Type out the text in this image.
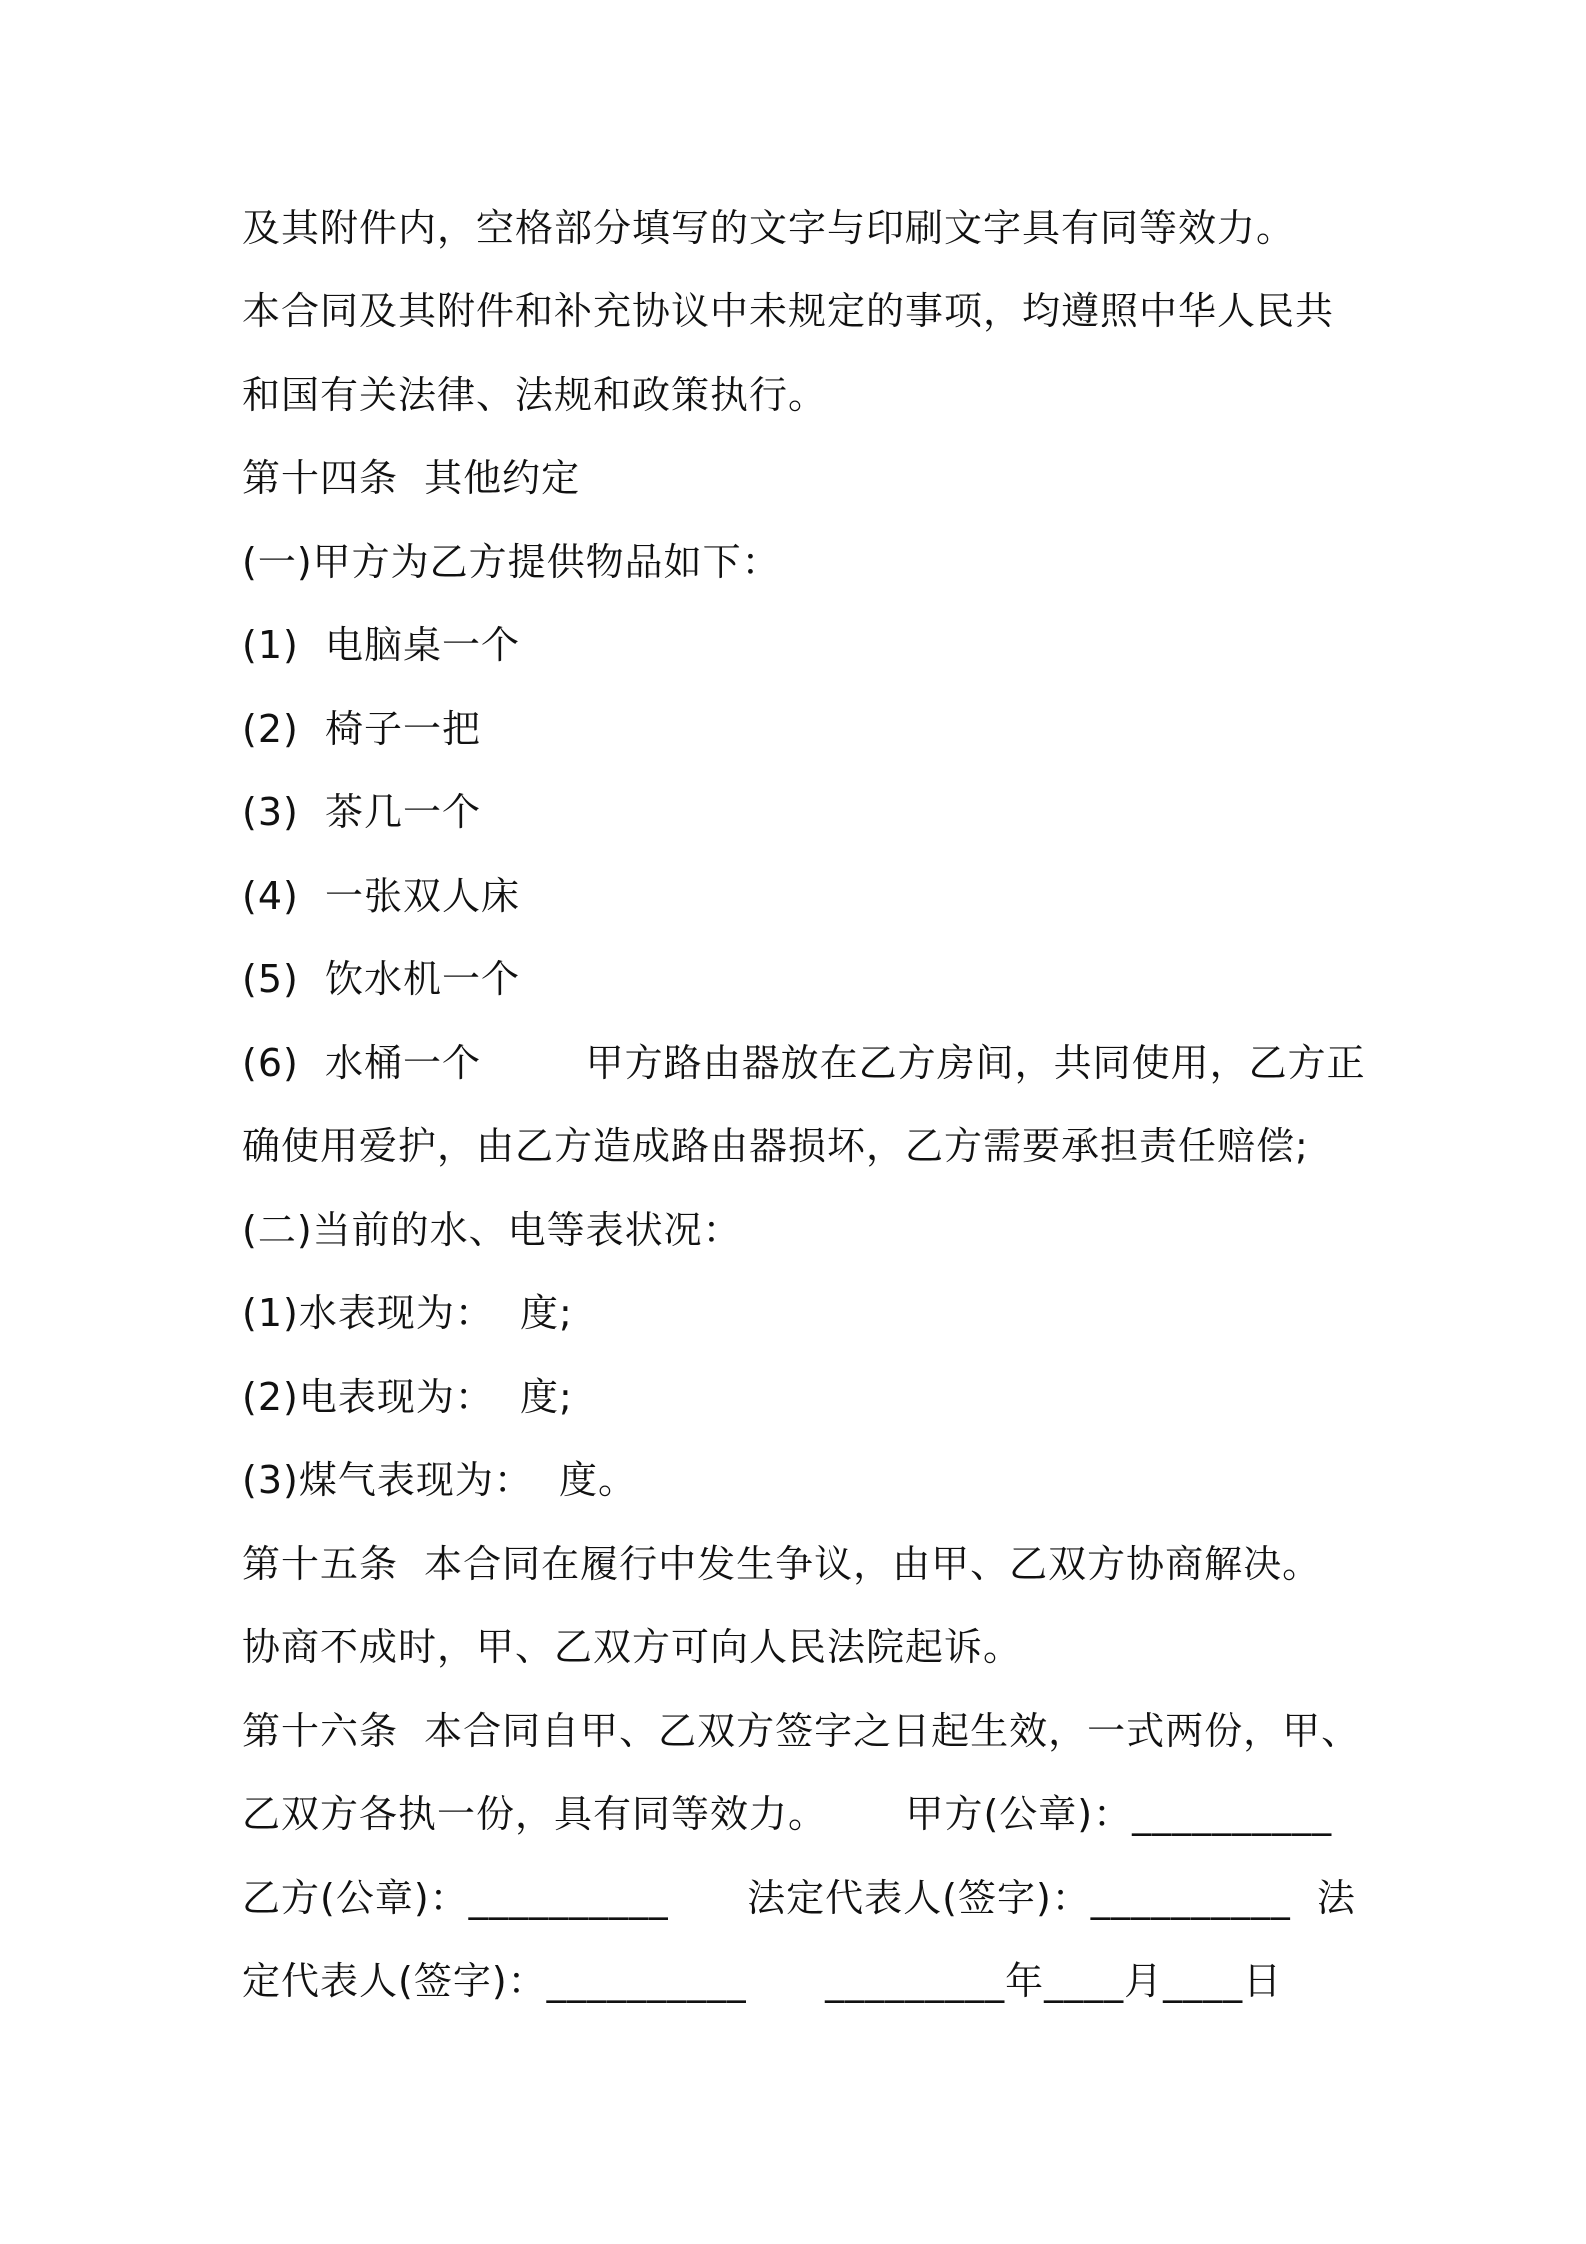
及其附件内，空格部分填写的文字与印刷文字具有同等效力。
本合同及其附件和补充协议中未规定的事项，均遵照中华人民共
和国有关法律、法规和政策执行。
第十四条  其他约定
(一)甲方为乙方提供物品如下：
(1)  电脑桌一个
(2)  椅子一把
(3)  茶几一个
(4)  一张双人床
(5)  饮水机一个
(6)  水桶一个        甲方路由器放在乙方房间，共同使用，乙方正
确使用爱护，由乙方造成路由器损坏，乙方需要承担责任赔偿;
(二)当前的水、电等表状况：
(1)水表现为：  度;
(2)电表现为：  度;
(3)煤气表现为：  度。
第十五条  本合同在履行中发生争议，由甲、乙双方协商解决。
协商不成时，甲、乙双方可向人民法院起诉。
第十六条  本合同自甲、乙双方签字之日起生效，一式两份，甲、
乙双方各执一份，具有同等效力。      甲方(公章)：__________
乙方(公章)：__________      法定代表人(签字)：__________  法
定代表人(签字)：__________      _________年____月____日
